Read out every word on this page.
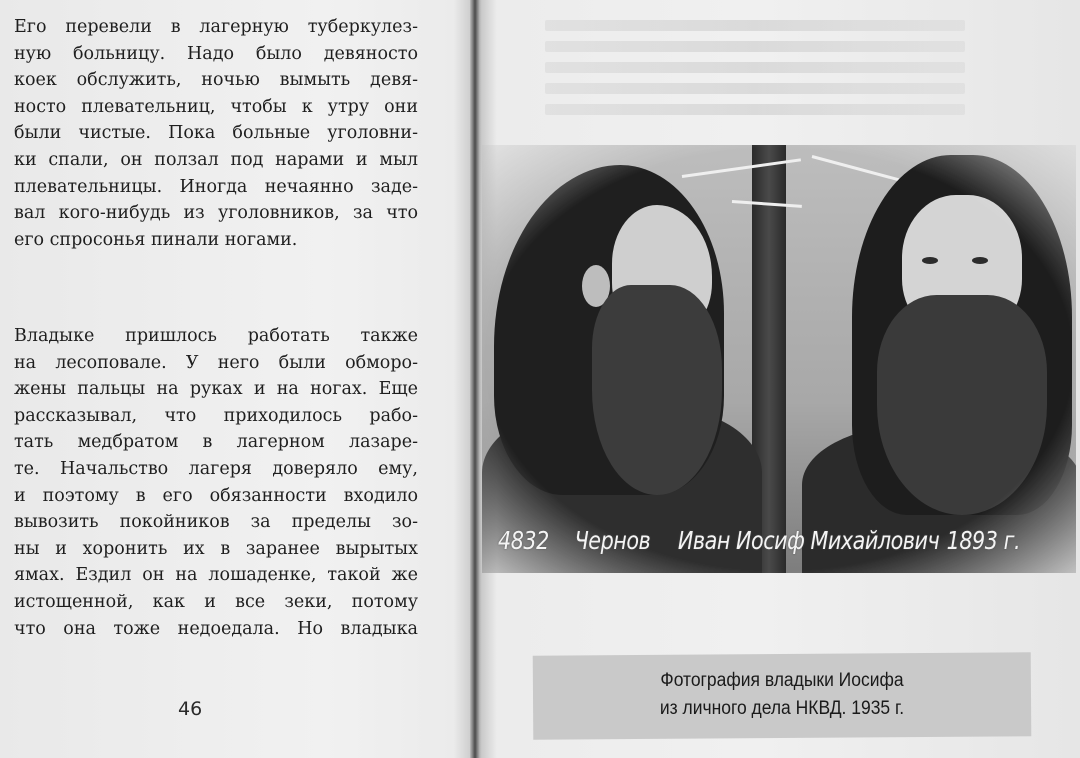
Его перевели в лагерную туберкулез-
ную больницу. Надо было девяносто
коек обслужить, ночью вымыть девя-
носто плевательниц, чтобы к утру они
были чистые. Пока больные уголовни-
ки спали, он ползал под нарами и мыл
плевательницы. Иногда нечаянно заде-
вал кого-нибудь из уголовников, за что
его спросонья пинали ногами.
Владыке пришлось работать также
на лесоповале. У него были обморо-
жены пальцы на руках и на ногах. Еще
рассказывал, что приходилось рабо-
тать медбратом в лагерном лазаре-
те. Начальство лагеря доверяло ему,
и поэтому в его обязанности входило
вывозить покойников за пределы зо-
ны и хоронить их в заранее вырытых
ямах. Ездил он на лошаденке, такой же
истощенной, как и все зеки, потому
что она тоже недоедала. Но владыка
46
4832 Чернов Иван Иосиф Михайлович 1893 г.
Фотография владыки Иосифа
из личного дела НКВД. 1935 г.
